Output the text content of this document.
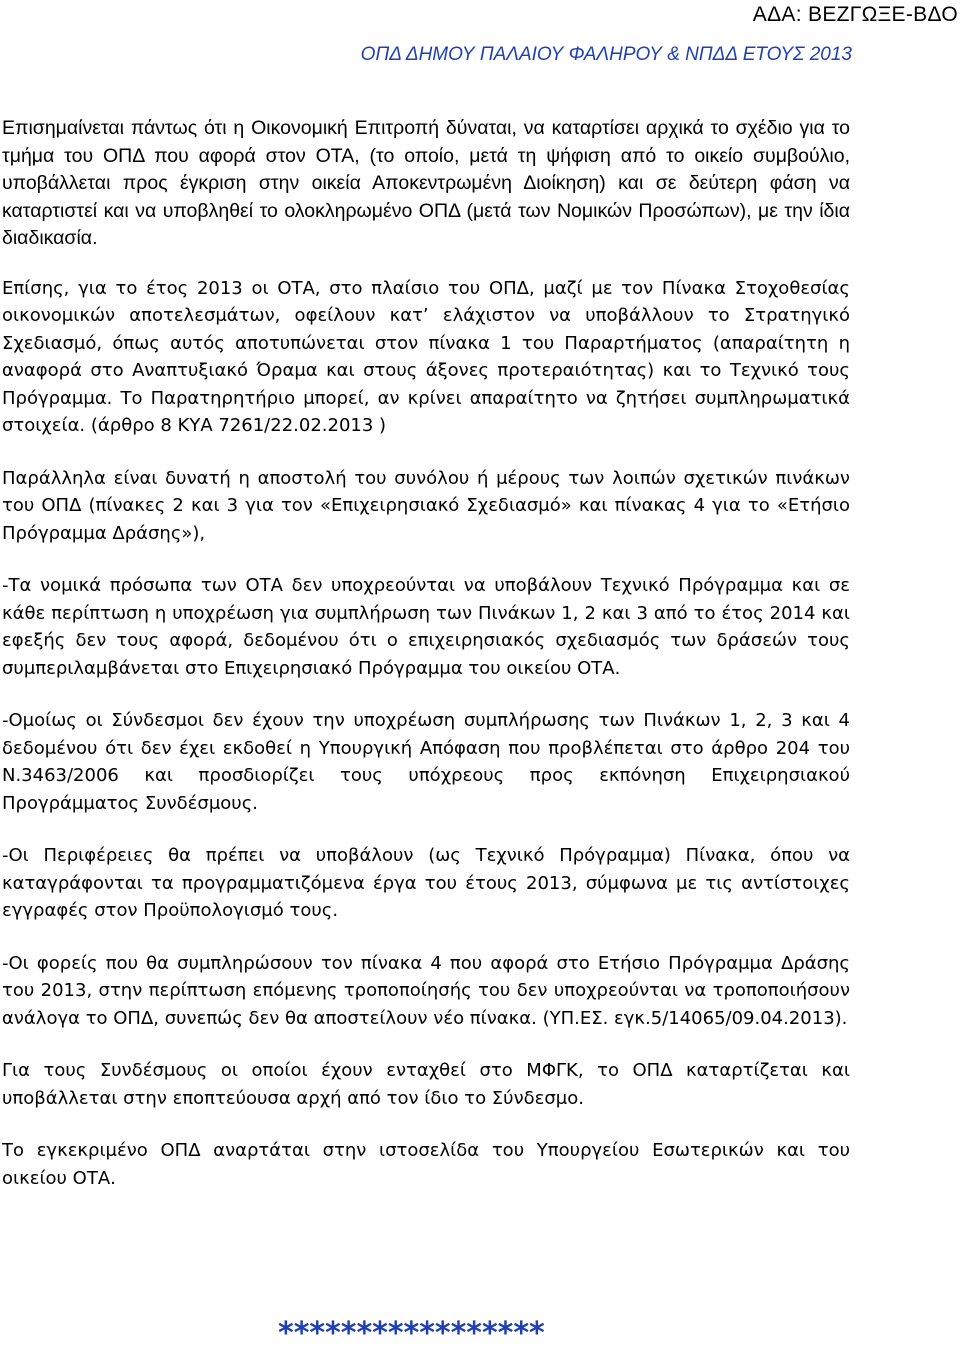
ΑΔΑ: ΒΕΖΓΩΞΕ-ΒΔΟ
ΟΠΔ ΔΗΜΟΥ ΠΑΛΑΙΟΥ ΦΑΛΗΡΟΥ & ΝΠΔΔ ΕΤΟΥΣ 2013

Επισημαίνεται πάντως ότι η Οικονομική Επιτροπή δύναται, να καταρτίσει αρχικά το σχέδιο για το τμήμα του ΟΠΔ που αφορά στον ΟΤΑ, (το οποίο, μετά τη ψήφιση από το οικείο συμβούλιο, υποβάλλεται προς έγκριση στην οικεία Αποκεντρωμένη Διοίκηση) και σε δεύτερη φάση να καταρτιστεί και να υποβληθεί το ολοκληρωμένο ΟΠΔ (μετά των Νομικών Προσώπων), με την ίδια διαδικασία.

Επίσης, για το έτος 2013 οι ΟΤΑ, στο πλαίσιο του ΟΠΔ, μαζί με τον Πίνακα Στοχοθεσίας οικονομικών αποτελεσμάτων, οφείλουν κατ’ ελάχιστον να υποβάλλουν το Στρατηγικό Σχεδιασμό, όπως αυτός αποτυπώνεται στον πίνακα 1 του Παραρτήματος (απαραίτητη η αναφορά στο Αναπτυξιακό Όραμα και στους άξονες προτεραιότητας) και το Τεχνικό τους Πρόγραμμα. Το Παρατηρητήριο μπορεί, αν κρίνει απαραίτητο να ζητήσει συμπληρωματικά στοιχεία. (άρθρο 8 ΚΥΑ 7261/22.02.2013 )

Παράλληλα είναι δυνατή η αποστολή του συνόλου ή μέρους των λοιπών σχετικών πινάκων του ΟΠΔ (πίνακες 2 και 3 για τον «Επιχειρησιακό Σχεδιασμό» και πίνακας 4 για το «Ετήσιο Πρόγραμμα Δράσης»),

-Τα νομικά πρόσωπα των ΟΤΑ δεν υποχρεούνται να υποβάλουν Τεχνικό Πρόγραμμα και σε κάθε περίπτωση η υποχρέωση για συμπλήρωση των Πινάκων 1, 2 και 3 από το έτος 2014 και εφεξής δεν τους αφορά, δεδομένου ότι ο επιχειρησιακός σχεδιασμός των δράσεών τους συμπεριλαμβάνεται στο Επιχειρησιακό Πρόγραμμα του οικείου ΟΤΑ.

-Ομοίως οι Σύνδεσμοι δεν έχουν την υποχρέωση συμπλήρωσης των Πινάκων 1, 2, 3 και 4 δεδομένου ότι δεν έχει εκδοθεί η Υπουργική Απόφαση που προβλέπεται στο άρθρο 204 του Ν.3463/2006 και προσδιορίζει τους υπόχρεους προς εκπόνηση Επιχειρησιακού Προγράμματος Συνδέσμους.

-Οι Περιφέρειες θα πρέπει να υποβάλουν (ως Τεχνικό Πρόγραμμα) Πίνακα, όπου να καταγράφονται τα προγραμματιζόμενα έργα του έτους 2013, σύμφωνα με τις αντίστοιχες εγγραφές στον Προϋπολογισμό τους.

-Οι φορείς που θα συμπληρώσουν τον πίνακα 4 που αφορά στο Ετήσιο Πρόγραμμα Δράσης του 2013, στην περίπτωση επόμενης τροποποίησής του δεν υποχρεούνται να τροποποιήσουν ανάλογα το ΟΠΔ, συνεπώς δεν θα αποστείλουν νέο πίνακα. (ΥΠ.ΕΣ. εγκ.5/14065/09.04.2013).

Για τους Συνδέσμους οι οποίοι έχουν ενταχθεί στο ΜΦΓΚ, το ΟΠΔ καταρτίζεται και υποβάλλεται στην εποπτεύουσα αρχή από τον ίδιο το Σύνδεσμο.

Το εγκεκριμένο ΟΠΔ αναρτάται στην ιστοσελίδα του Υπουργείου Εσωτερικών και του οικείου ΟΤΑ.

*****************
